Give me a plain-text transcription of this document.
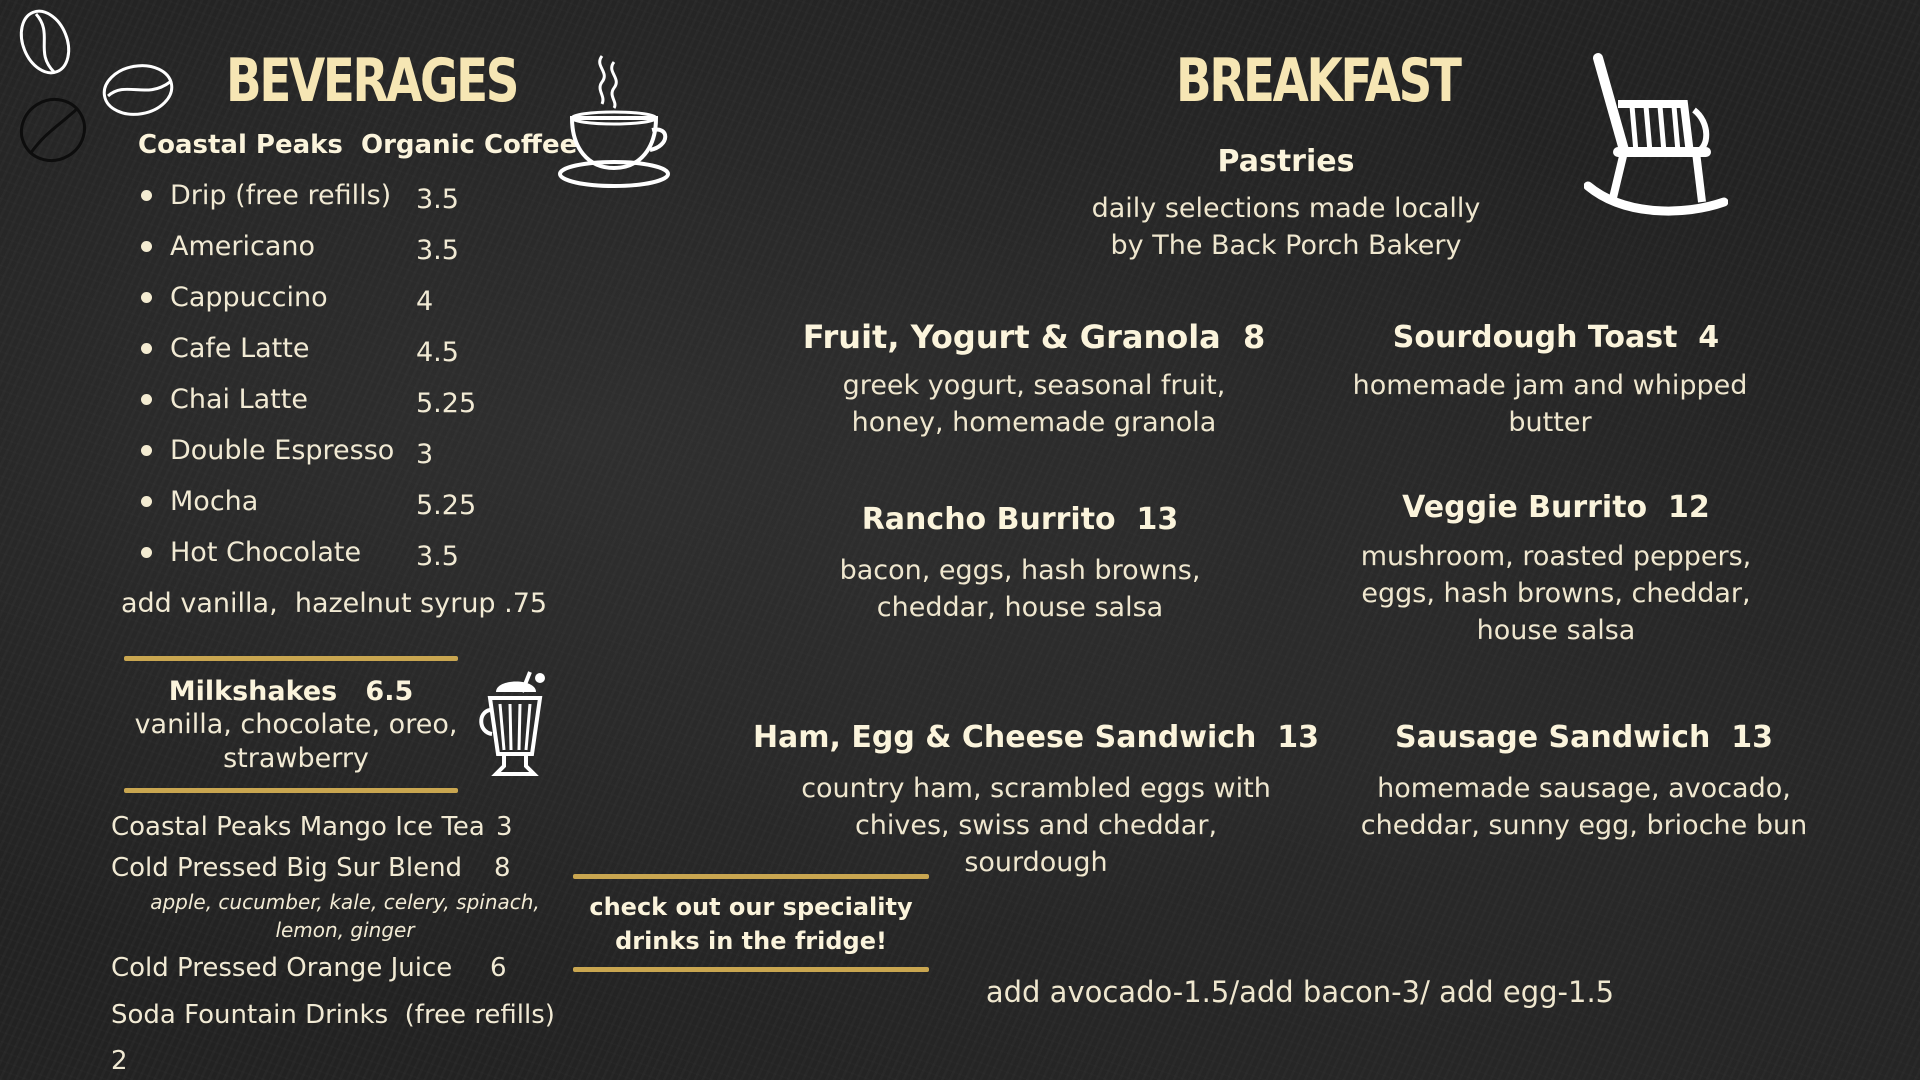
BEVERAGES
Coastal Peaks  Organic Coffee
Drip (free refills) 3.5
Americano	3.5
Cappuccino	4
Cafe Latte	4.5
Chai Latte	5.25
Double Espresso 3
Mocha	5.25
Hot Chocolate 3.5
add vanilla,  hazelnut syrup .75
Milkshakes   6.5
vanilla, chocolate, oreo,
strawberry
Coastal Peaks Mango Ice Tea 3
Cold Pressed Big Sur Blend 8
apple, cucumber, kale, celery, spinach,
lemon, ginger
Cold Pressed Orange Juice 6
Soda Fountain Drinks  (free refills)
2
check out our speciality
drinks in the fridge!
BREAKFAST
Pastries
daily selections made locally
by The Back Porch Bakery
Fruit, Yogurt & Granola  8
greek yogurt, seasonal fruit,
honey, homemade granola
Sourdough Toast  4
homemade jam and whipped
butter
Rancho Burrito  13
bacon, eggs, hash browns,
cheddar, house salsa
Veggie Burrito  12
mushroom, roasted peppers,
eggs, hash browns, cheddar,
house salsa
Ham, Egg & Cheese Sandwich  13
country ham, scrambled eggs with
chives, swiss and cheddar,
sourdough
Sausage Sandwich  13
homemade sausage, avocado,
cheddar, sunny egg, brioche bun
add avocado-1.5/add bacon-3/ add egg-1.5
